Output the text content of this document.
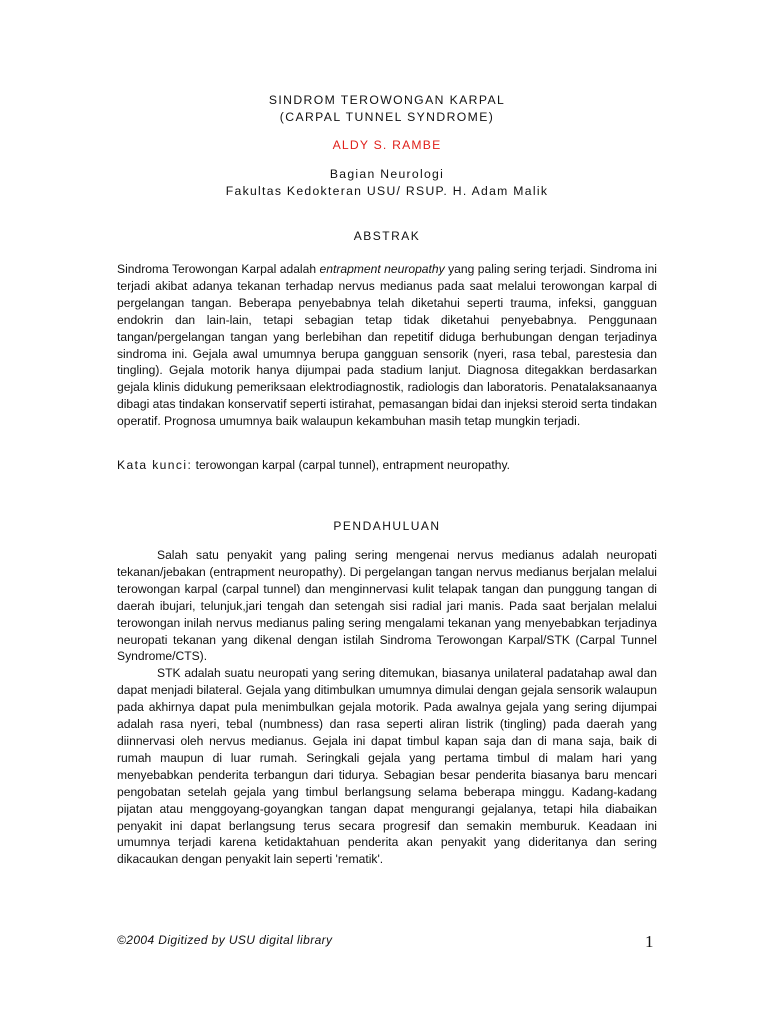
SINDROM TEROWONGAN KARPAL
(CARPAL TUNNEL SYNDROME)
ALDY S. RAMBE
Bagian Neurologi
Fakultas Kedokteran USU/ RSUP. H. Adam Malik
ABSTRAK
Sindroma Terowongan Karpal adalah entrapment neuropathy yang paling sering terjadi. Sindroma ini terjadi akibat adanya tekanan terhadap nervus medianus pada saat melalui terowongan karpal di pergelangan tangan. Beberapa penyebabnya telah diketahui seperti trauma, infeksi, gangguan endokrin dan lain-lain, tetapi sebagian tetap tidak diketahui penyebabnya. Penggunaan tangan/pergelangan tangan yang berlebihan dan repetitif diduga berhubungan dengan terjadinya sindroma ini. Gejala awal umumnya berupa gangguan sensorik (nyeri, rasa tebal, parestesia dan tingling). Gejala motorik hanya dijumpai pada stadium lanjut. Diagnosa ditegakkan berdasarkan gejala klinis didukung pemeriksaan elektrodiagnostik, radiologis dan laboratoris. Penatalaksanaanya dibagi atas tindakan konservatif seperti istirahat, pemasangan bidai dan injeksi steroid serta tindakan operatif. Prognosa umumnya baik walaupun kekambuhan masih tetap mungkin terjadi.
Kata kunci: terowongan karpal (carpal tunnel), entrapment neuropathy.
PENDAHULUAN

Salah satu penyakit yang paling sering mengenai nervus medianus adalah neuropati tekanan/jebakan (entrapment neuropathy). Di pergelangan tangan nervus medianus berjalan melalui terowongan karpal (carpal tunnel) dan menginnervasi kulit telapak tangan dan punggung tangan di daerah ibujari, telunjuk,jari tengah dan setengah sisi radial jari manis. Pada saat berjalan melalui terowongan inilah nervus medianus paling sering mengalami tekanan yang menyebabkan terjadinya neuropati tekanan yang dikenal dengan istilah Sindroma Terowongan Karpal/STK (Carpal Tunnel Syndrome/CTS).

STK adalah suatu neuropati yang sering ditemukan, biasanya unilateral padatahap awal dan dapat menjadi bilateral. Gejala yang ditimbulkan umumnya dimulai dengan gejala sensorik walaupun pada akhirnya dapat pula menimbulkan gejala motorik. Pada awalnya gejala yang sering dijumpai adalah rasa nyeri, tebal (numbness) dan rasa seperti aliran listrik (tingling) pada daerah yang diinnervasi oleh nervus medianus. Gejala ini dapat timbul kapan saja dan di mana saja, baik di rumah maupun di luar rumah. Seringkali gejala yang pertama timbul di malam hari yang menyebabkan penderita terbangun dari tidurya. Sebagian besar penderita biasanya baru mencari pengobatan setelah gejala yang timbul berlangsung selama beberapa minggu. Kadang-kadang pijatan atau menggoyang-goyangkan tangan dapat mengurangi gejalanya, tetapi hila diabaikan penyakit ini dapat berlangsung terus secara progresif dan semakin memburuk. Keadaan ini umumnya terjadi karena ketidaktahuan penderita akan penyakit yang dideritanya dan sering dikacaukan dengan penyakit lain seperti 'rematik'.

©2004 Digitized by USU digital library	1
